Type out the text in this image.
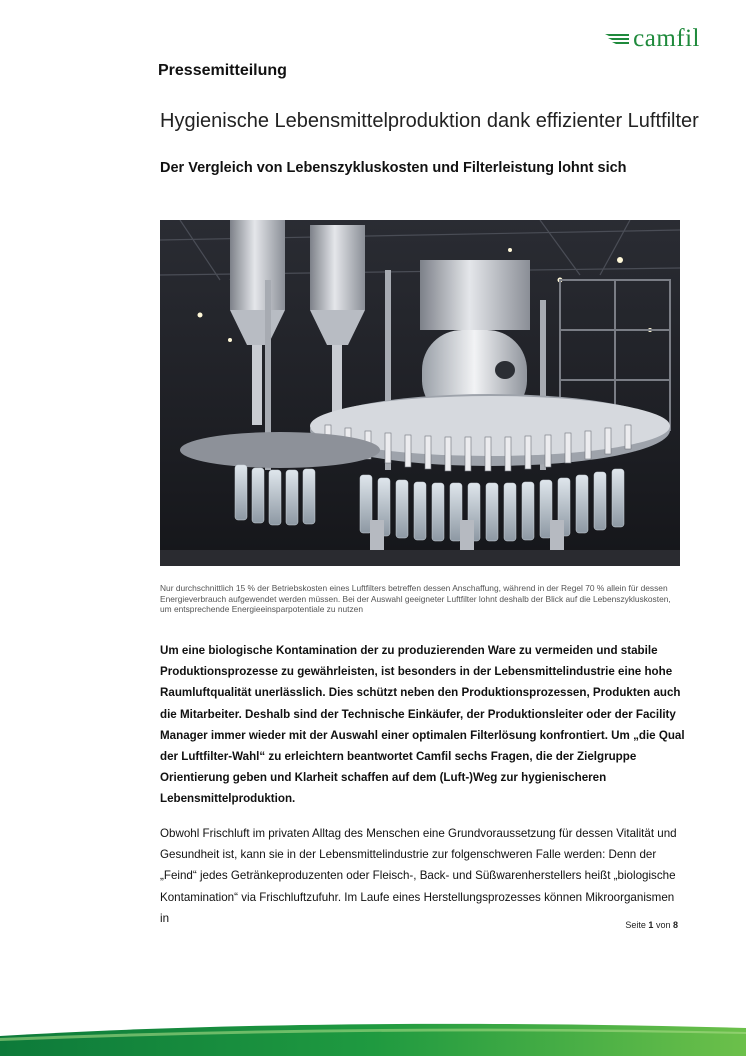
camfil
Pressemitteilung
Hygienische Lebensmittelproduktion dank effizienter Luftfilter
Der Vergleich von Lebenszykluskosten und Filterleistung lohnt sich
Nur durchschnittlich 15 % der Betriebskosten eines Luftfilters betreffen dessen Anschaffung, während in der Regel 70 % allein für dessen Energieverbrauch aufgewendet werden müssen. Bei der Auswahl geeigneter Luftfilter lohnt deshalb der Blick auf die Lebenszykluskosten, um entsprechende Energieeinsparpotentiale zu nutzen

Um eine biologische Kontamination der zu produzierenden Ware zu vermeiden und stabile Produktionsprozesse zu gewährleisten, ist besonders in der Lebensmittelindustrie eine hohe Raumluftqualität unerlässlich. Dies schützt neben den Produktionsprozessen, Produkten auch die Mitarbeiter. Deshalb sind der Technische Einkäufer, der Produktionsleiter oder der Facility Manager immer wieder mit der Auswahl einer optimalen Filterlösung konfrontiert. Um „die Qual der Luftfilter-Wahl“ zu erleichtern beantwortet Camfil sechs Fragen, die der Zielgruppe Orientierung geben und Klarheit schaffen auf dem (Luft-)Weg zur hygienischeren Lebensmittelproduktion.

Obwohl Frischluft im privaten Alltag des Menschen eine Grundvoraussetzung für dessen Vitalität und Gesundheit ist, kann sie in der Lebensmittelindustrie zur folgenschweren Falle werden: Denn der „Feind“ jedes Getränkeproduzenten oder Fleisch-, Back- und Süßwarenherstellers heißt „biologische Kontamination“ via Frischluftzufuhr. Im Laufe eines Herstellungsprozesses können Mikroorganismen in

Seite 1 von 8
